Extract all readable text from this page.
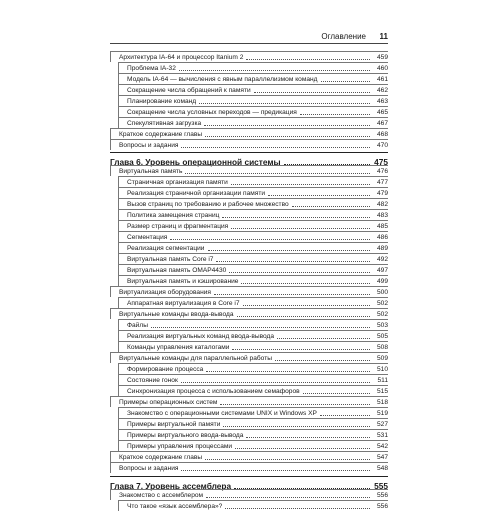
Оглавление 11
Архитектура IA-64 и процессор Itanium 2	459
Проблема IA-32	460
Модель IA-64 — вычисления с явным параллелизмом команд	461
Сокращение числа обращений к памяти	462
Планирование команд	463
Сокращение числа условных переходов — предикация	465
Спекулятивная загрузка	467
Краткое содержание главы	468
Вопросы и задания	470
Глава 6. Уровень операционной системы	475
Виртуальная память	476
Страничная организация памяти	477
Реализация страничной организации памяти	479
Вызов страниц по требованию и рабочее множество	482
Политика замещения страниц	483
Размер страниц и фрагментация	485
Сегментация	486
Реализация сегментации	489
Виртуальная память Core i7	492
Виртуальная память OMAP4430	497
Виртуальная память и кэширование	499
Виртуализация оборудования	500
Аппаратная виртуализация в Core i7	502
Виртуальные команды ввода-вывода	502
Файлы	503
Реализация виртуальных команд ввода-вывода	505
Команды управления каталогами	508
Виртуальные команды для параллельной работы	509
Формирование процесса	510
Состояние гонок	511
Синхронизация процесса с использованием семафоров	515
Примеры операционных систем	518
Знакомство с операционными системами UNIX и Windows XP	519
Примеры виртуальной памяти	527
Примеры виртуального ввода-вывода	531
Примеры управления процессами	542
Краткое содержание главы	547
Вопросы и задания	548
Глава 7. Уровень ассемблера	555
Знакомство с ассемблером	556
Что такое «язык ассемблера»?	556
